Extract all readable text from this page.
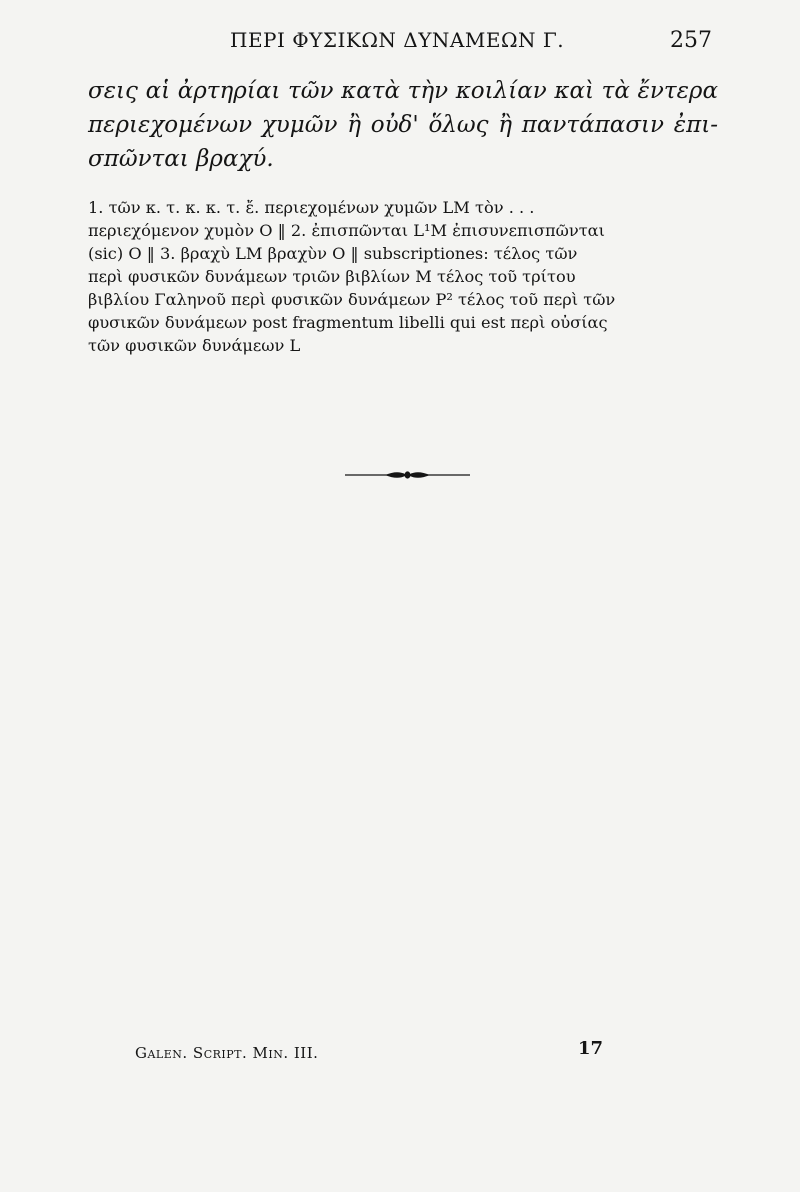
ΠΕΡΙ ΦΥΣΙΚΩΝ ΔΥΝΑΜΕΩΝ Γ.	257
σεις αἱ ἀρτηρίαι τῶν κατὰ τὴν κοιλίαν καὶ τὰ ἔντερα περιεχομένων χυμῶν ἢ οὐδ' ὅλως ἢ παντάπασιν ἐπι-σπῶνται βραχύ.
1. τῶν κ. τ. κ. κ. τ. ἔ. περιεχομένων χυμῶν LM τὸν . . .
περιεχόμενον χυμὸν O ‖ 2. ἐπισπῶνται L¹M ἐπισυνεπισπῶνται
(sic) O ‖ 3. βραχὺ LM βραχὺν O ‖ subscriptiones: τέλος τῶν
περὶ φυσικῶν δυνάμεων τριῶν βιβλίων M τέλος τοῦ τρίτου
βιβλίου Γαληνοῦ περὶ φυσικῶν δυνάμεων P² τέλος τοῦ περὶ τῶν
φυσικῶν δυνάμεων post fragmentum libelli qui est περὶ οὐσίας
τῶν φυσικῶν δυνάμεων L
Galen. Script. Min. III.	17
